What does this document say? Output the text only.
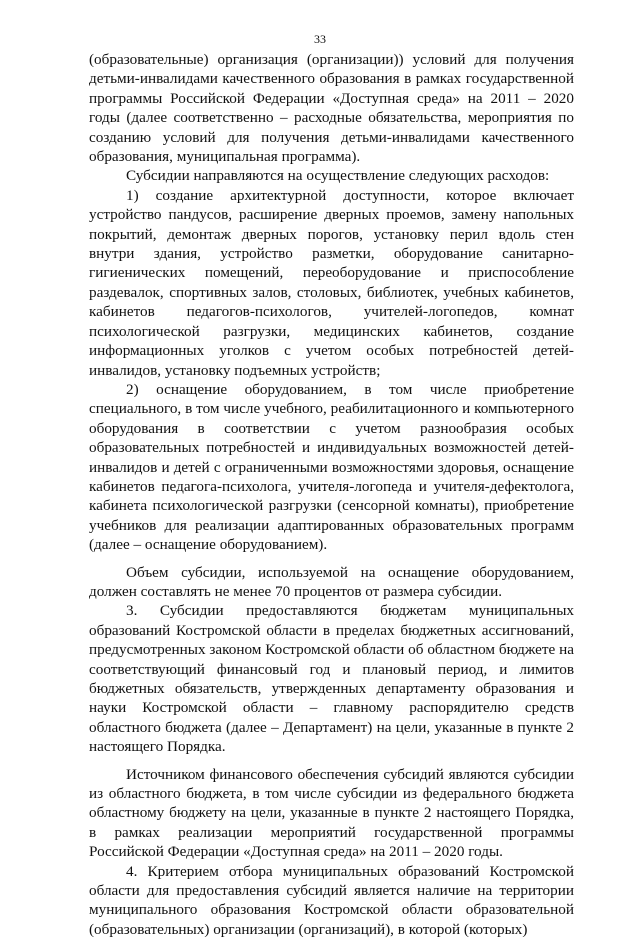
33

(образовательные) организация (организации)) условий для получения детьми-инвалидами качественного образования в рамках государственной программы Российской Федерации «Доступная среда» на 2011 – 2020 годы (далее соответственно – расходные обязательства, мероприятия по созданию условий для получения детьми-инвалидами качественного образования, муниципальная программа).

Субсидии направляются на осуществление следующих расходов:

1) создание архитектурной доступности, которое включает устройство пандусов, расширение дверных проемов, замену напольных покрытий, демонтаж дверных порогов, установку перил вдоль стен внутри здания, устройство разметки, оборудование санитарно-гигиенических помещений, переоборудование и приспособление раздевалок, спортивных залов, столовых, библиотек, учебных кабинетов, кабинетов педагогов-психологов, учителей-логопедов, комнат психологической разгрузки, медицинских кабинетов, создание информационных уголков с учетом особых потребностей детей-инвалидов, установку подъемных устройств;

2) оснащение оборудованием, в том числе приобретение специального, в том числе учебного, реабилитационного и компьютерного оборудования в соответствии с учетом разнообразия особых образовательных потребностей и индивидуальных возможностей детей-инвалидов и детей с ограниченными возможностями здоровья, оснащение кабинетов педагога-психолога, учителя-логопеда и учителя-дефектолога, кабинета психологической разгрузки (сенсорной комнаты), приобретение учебников для реализации адаптированных образовательных программ (далее – оснащение оборудованием).

Объем субсидии, используемой на оснащение оборудованием, должен составлять не менее 70 процентов от размера субсидии.

3. Субсидии предоставляются бюджетам муниципальных образований Костромской области в пределах бюджетных ассигнований, предусмотренных законом Костромской области об областном бюджете на соответствующий финансовый год и плановый период, и лимитов бюджетных обязательств, утвержденных департаменту образования и науки Костромской области – главному распорядителю средств областного бюджета (далее – Департамент) на цели, указанные в пункте 2 настоящего Порядка.

Источником финансового обеспечения субсидий являются субсидии из областного бюджета, в том числе субсидии из федерального бюджета областному бюджету на цели, указанные в пункте 2 настоящего Порядка, в рамках реализации мероприятий государственной программы Российской Федерации «Доступная среда» на 2011 – 2020 годы.

4. Критерием отбора муниципальных образований Костромской области для предоставления субсидий является наличие на территории муниципального образования Костромской области образовательной (образовательных) организации (организаций), в которой (которых)
